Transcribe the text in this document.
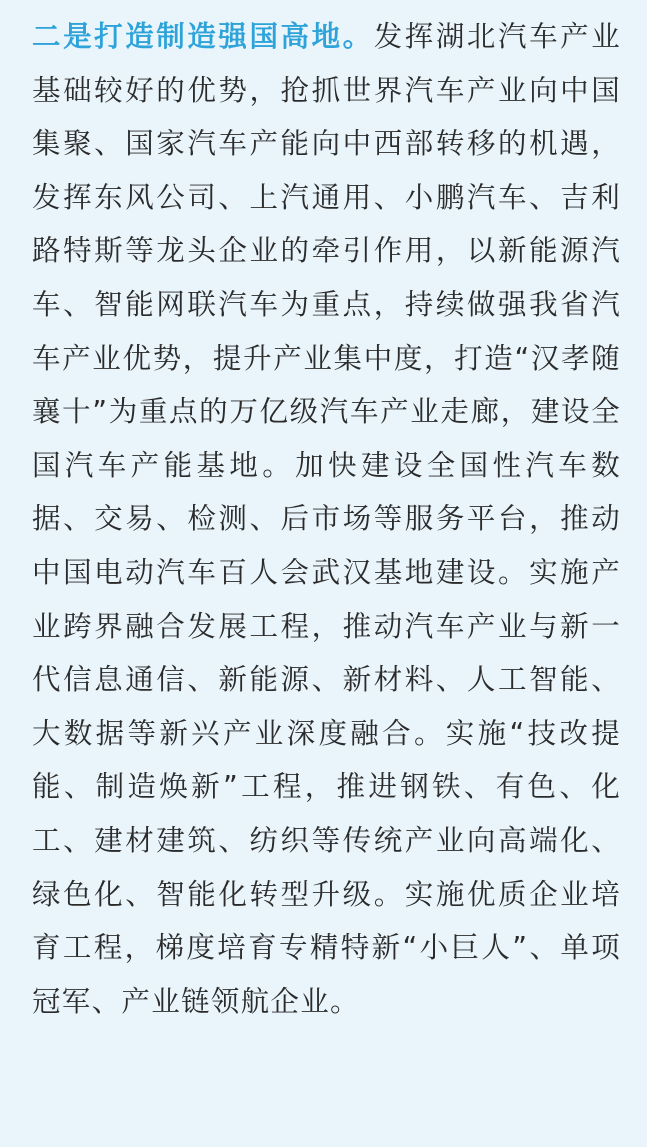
二是打造制造强国高地。发挥湖北汽车产业基础较好的优势，抢抓世界汽车产业向中国集聚、国家汽车产能向中西部转移的机遇，发挥东风公司、上汽通用、小鹏汽车、吉利路特斯等龙头企业的牵引作用，以新能源汽车、智能网联汽车为重点，持续做强我省汽车产业优势，提升产业集中度，打造“汉孝随襄十”为重点的万亿级汽车产业走廊，建设全国汽车产能基地。加快建设全国性汽车数据、交易、检测、后市场等服务平台，推动中国电动汽车百人会武汉基地建设。实施产业跨界融合发展工程，推动汽车产业与新一代信息通信、新能源、新材料、人工智能、大数据等新兴产业深度融合。实施“技改提能、制造焕新”工程，推进钢铁、有色、化工、建材建筑、纺织等传统产业向高端化、绿色化、智能化转型升级。实施优质企业培育工程，梯度培育专精特新“小巨人”、单项冠军、产业链领航企业。
